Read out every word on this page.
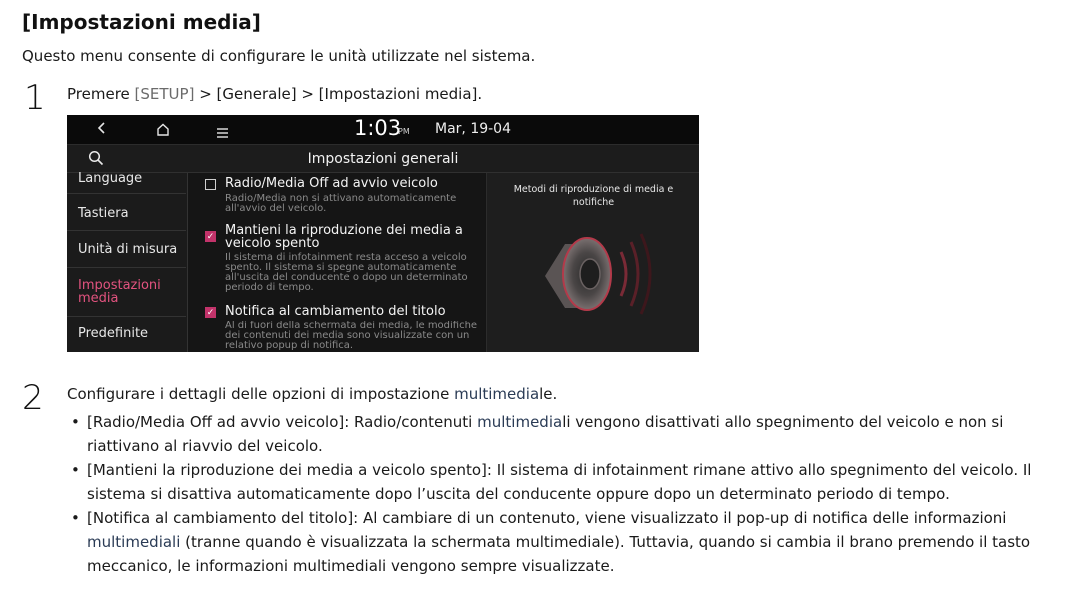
[Impostazioni media]
Questo menu consente di configurare le unità utilizzate nel sistema.
1 Premere [SETUP] > [Generale] > [Impostazioni media].
1:03
PM Mar, 19-04
Impostazioni generali
Language
Tastiera
Unità di misura
Impostazioni media
Predefinite
Radio/Media Off ad avvio veicolo
Radio/Media non si attivano automaticamente all'avvio del veicolo.
✓ Mantieni la riproduzione dei media a veicolo spento
Il sistema di infotainment resta acceso a veicolo spento. Il sistema si spegne automaticamente all'uscita del conducente o dopo un determinato periodo di tempo.
✓ Notifica al cambiamento del titolo
Al di fuori della schermata dei media, le modifiche dei contenuti dei media sono visualizzate con un relativo popup di notifica.
Metodi di riproduzione di media e notifiche
2 Configurare i dettagli delle opzioni di impostazione multimediale.
• [Radio/Media Off ad avvio veicolo]: Radio/contenuti multimediali vengono disattivati allo spegnimento del veicolo e non si riattivano al riavvio del veicolo.
• [Mantieni la riproduzione dei media a veicolo spento]: Il sistema di infotainment rimane attivo allo spegnimento del veicolo. Il sistema si disattiva automaticamente dopo l’uscita del conducente oppure dopo un determinato periodo di tempo.
• [Notifica al cambiamento del titolo]: Al cambiare di un contenuto, viene visualizzato il pop-up di notifica delle informazioni multimediali (tranne quando è visualizzata la schermata multimediale). Tuttavia, quando si cambia il brano premendo il tasto meccanico, le informazioni multimediali vengono sempre visualizzate.
